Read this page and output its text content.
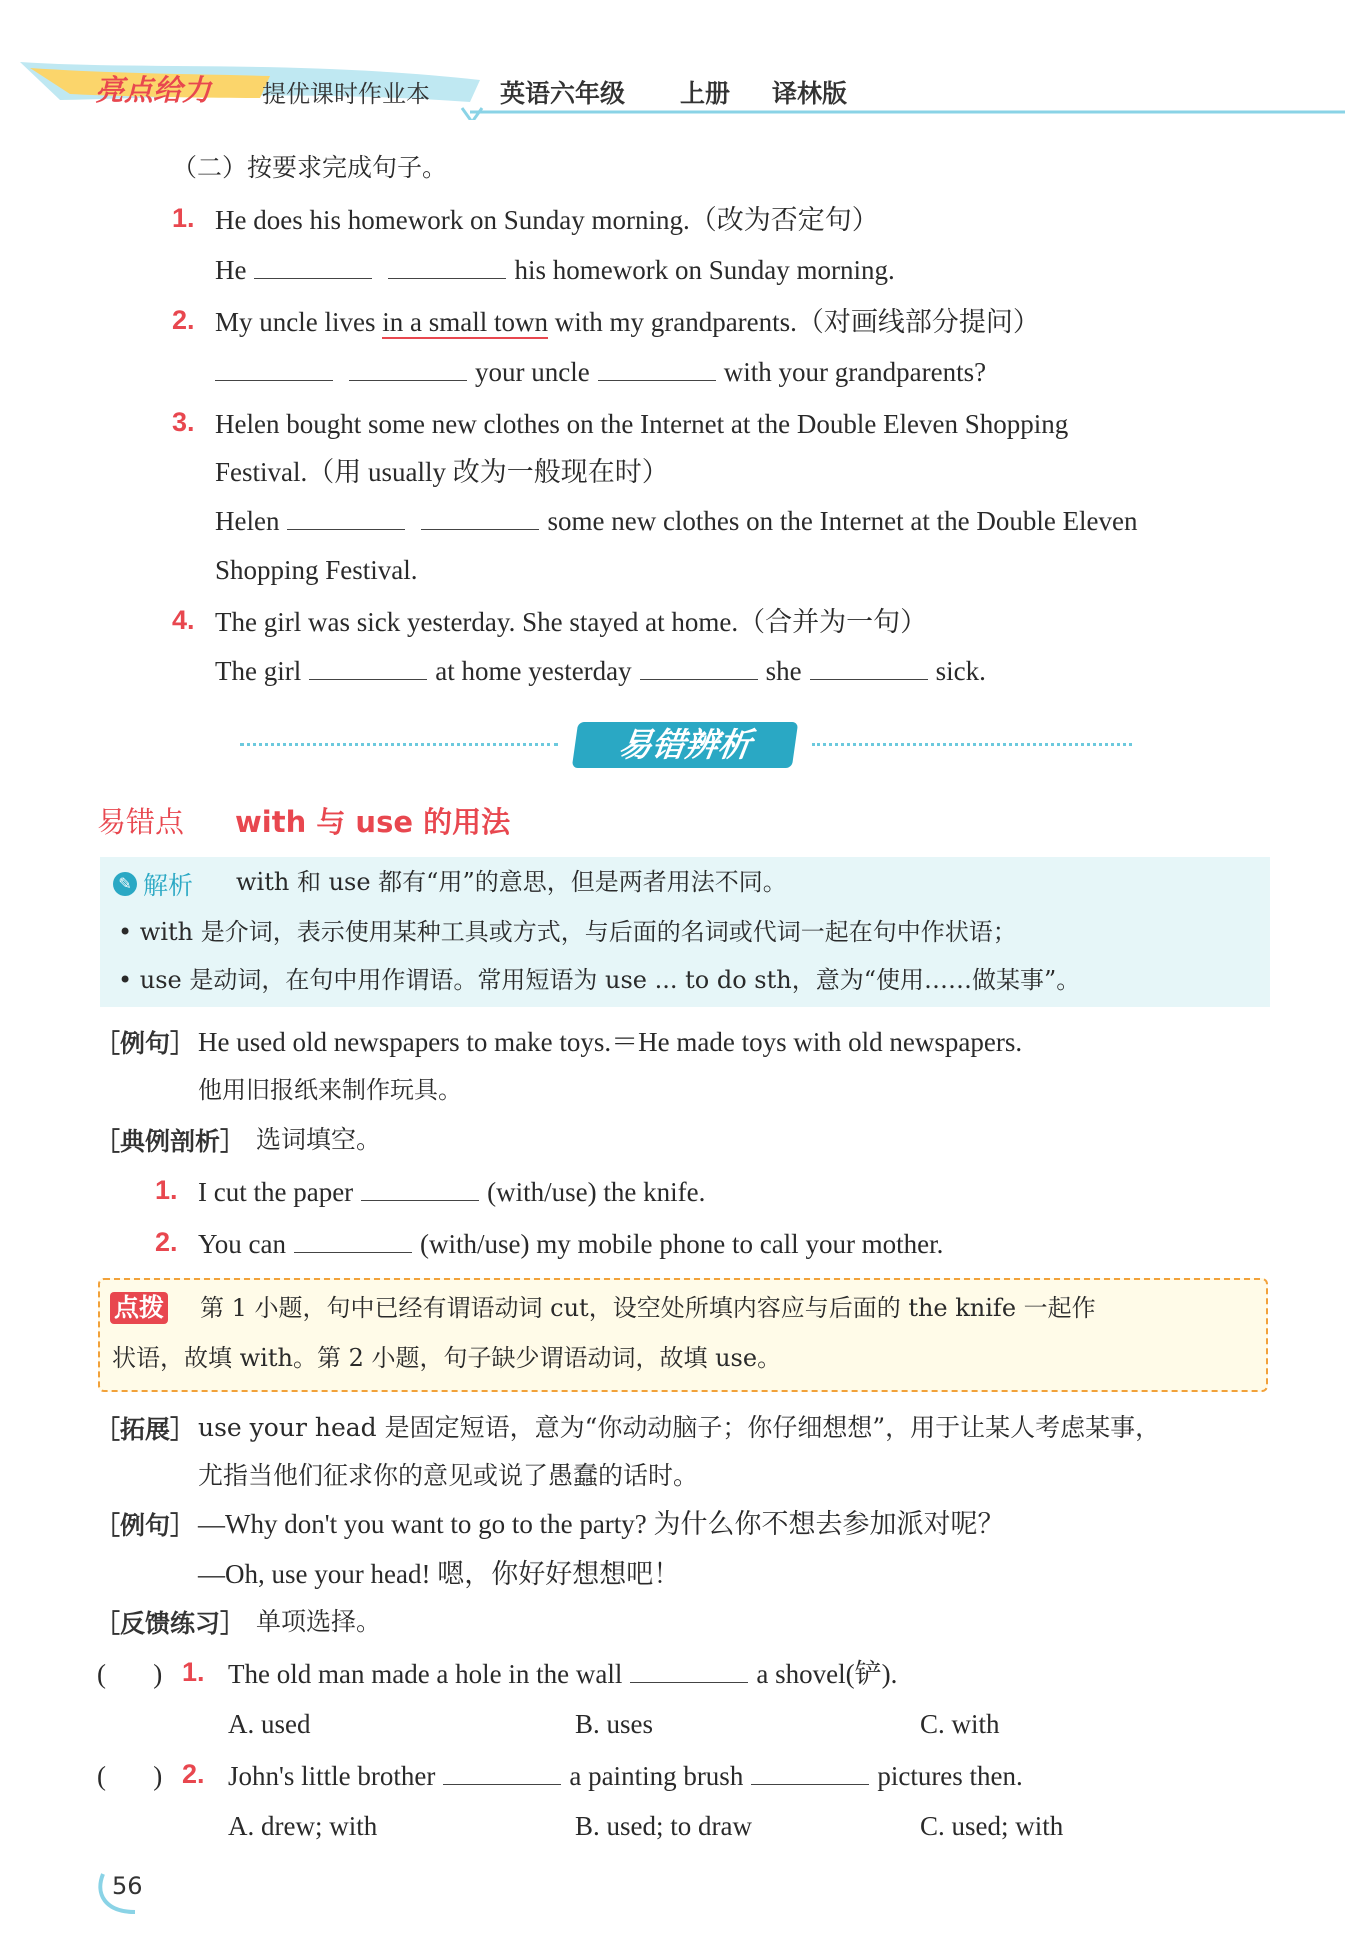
亮点给力 提优课时作业本	英语六年级 上册 译林版
（二）按要求完成句子。
1. He does his homework on Sunday morning.（改为否定句）
He	his homework on Sunday morning.
2. My uncle lives in a small town with my grandparents.（对画线部分提问）
your uncle	with your grandparents?
3. Helen bought some new clothes on the Internet at the Double Eleven Shopping
Festival.（用 usually 改为一般现在时）
Helen	some new clothes on the Internet at the Double Eleven
Shopping Festival.
4. The girl was sick yesterday. She stayed at home.（合并为一句）
The girl	at home yesterday	she	sick.
易错辨析
易错点 with 与 use 的用法
✎ 解析 with 和 use 都有“用”的意思，但是两者用法不同。
• with 是介词，表示使用某种工具或方式，与后面的名词或代词一起在句中作状语；
• use 是动词，在句中用作谓语。常用短语为 use ... to do sth，意为“使用……做某事”。
［例句］ He used old newspapers to make toys.＝He made toys with old newspapers.
他用旧报纸来制作玩具。
［典例剖析］ 选词填空。
1. I cut the paper	(with/use) the knife.
2. You can	(with/use) my mobile phone to call your mother.
点拨 第 1 小题，句中已经有谓语动词 cut，设空处所填内容应与后面的 the knife 一起作
状语，故填 with。第 2 小题，句子缺少谓语动词，故填 use。
［拓展］ use your head 是固定短语，意为“你动动脑子；你仔细想想”，用于让某人考虑某事，
尤指当他们征求你的意见或说了愚蠢的话时。
［例句］ —Why don't you want to go to the party? 为什么你不想去参加派对呢？
—Oh, use your head! 嗯，你好好想想吧！
［反馈练习］ 单项选择。
(       ) 1. The old man made a hole in the wall	a shovel(铲).
A. used	B. uses	C. with
(       ) 2. John's little brother	a painting brush	pictures then.
A. drew; with	B. used; to draw	C. used; with
56
